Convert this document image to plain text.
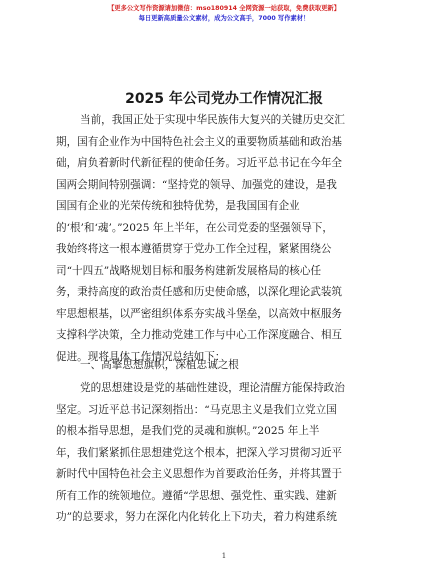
【更多公文写作资源请加微信：mso180914 全网资源一站获取，免费获取更新】
每日更新高质量公文素材，成为公文高手，7000 写作素材！
2025 年公司党办工作情况汇报
当前，我国正处于实现中华民族伟大复兴的关键历史交汇
期，国有企业作为中国特色社会主义的重要物质基础和政治基
础，肩负着新时代新征程的使命任务。习近平总书记在今年全
国两会期间特别强调：“坚持党的领导、加强党的建设，是我
国国有企业的光荣传统和独特优势，是我国国有企业
的‘根’和‘魂’。”2025 年上半年，在公司党委的坚强领导下，
我始终将这一根本遵循贯穿于党办工作全过程，紧紧围绕公
司“十四五”战略规划目标和服务构建新发展格局的核心任
务，秉持高度的政治责任感和历史使命感，以深化理论武装筑
牢思想根基，以严密组织体系夯实战斗堡垒，以高效中枢服务
支撑科学决策，全力推动党建工作与中心工作深度融合、相互
促进。现将具体工作情况总结如下：
一、高擎思想旗帜，深植忠诚之根
党的思想建设是党的基础性建设，理论清醒方能保持政治
坚定。习近平总书记深刻指出：“马克思主义是我们立党立国
的根本指导思想，是我们党的灵魂和旗帜。”2025 年上半
年，我们紧紧抓住思想建党这个根本，把深入学习贯彻习近平
新时代中国特色社会主义思想作为首要政治任务，并将其置于
所有工作的统领地位。遵循“学思想、强党性、重实践、建新
功”的总要求，努力在深化内化转化上下功夫，着力构建系统
1
